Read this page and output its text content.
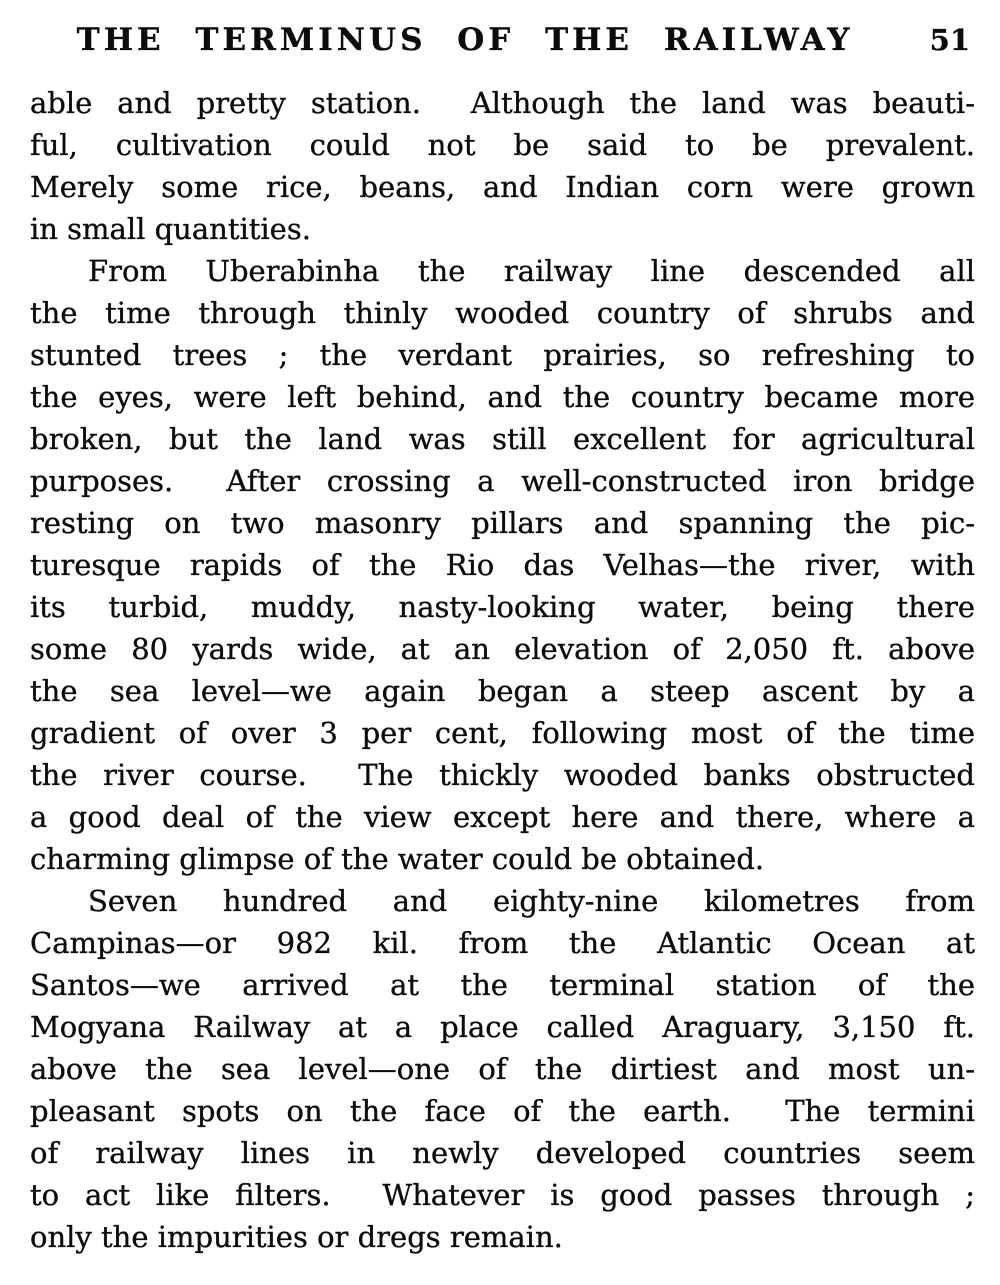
THE TERMINUS OF THE RAILWAY	51
able and pretty station.  Although the land was beauti-
ful, cultivation could not be said to be prevalent.
Merely some rice, beans, and Indian corn were grown
in small quantities.
From Uberabinha the railway line descended all
the time through thinly wooded country of shrubs and
stunted trees ; the verdant prairies, so refreshing to
the eyes, were left behind, and the country became more
broken, but the land was still excellent for agricultural
purposes.  After crossing a well-constructed iron bridge
resting on two masonry pillars and spanning the pic-
turesque rapids of the Rio das Velhas—the river, with
its turbid, muddy, nasty-looking water, being there
some 80 yards wide, at an elevation of 2,050 ft. above
the sea level—we again began a steep ascent by a
gradient of over 3 per cent, following most of the time
the river course.  The thickly wooded banks obstructed
a good deal of the view except here and there, where a
charming glimpse of the water could be obtained.
Seven hundred and eighty-nine kilometres from
Campinas—or 982 kil. from the Atlantic Ocean at
Santos—we arrived at the terminal station of the
Mogyana Railway at a place called Araguary, 3,150 ft.
above the sea level—one of the dirtiest and most un-
pleasant spots on the face of the earth.  The termini
of railway lines in newly developed countries seem
to act like filters.  Whatever is good passes through ;
only the impurities or dregs remain.
